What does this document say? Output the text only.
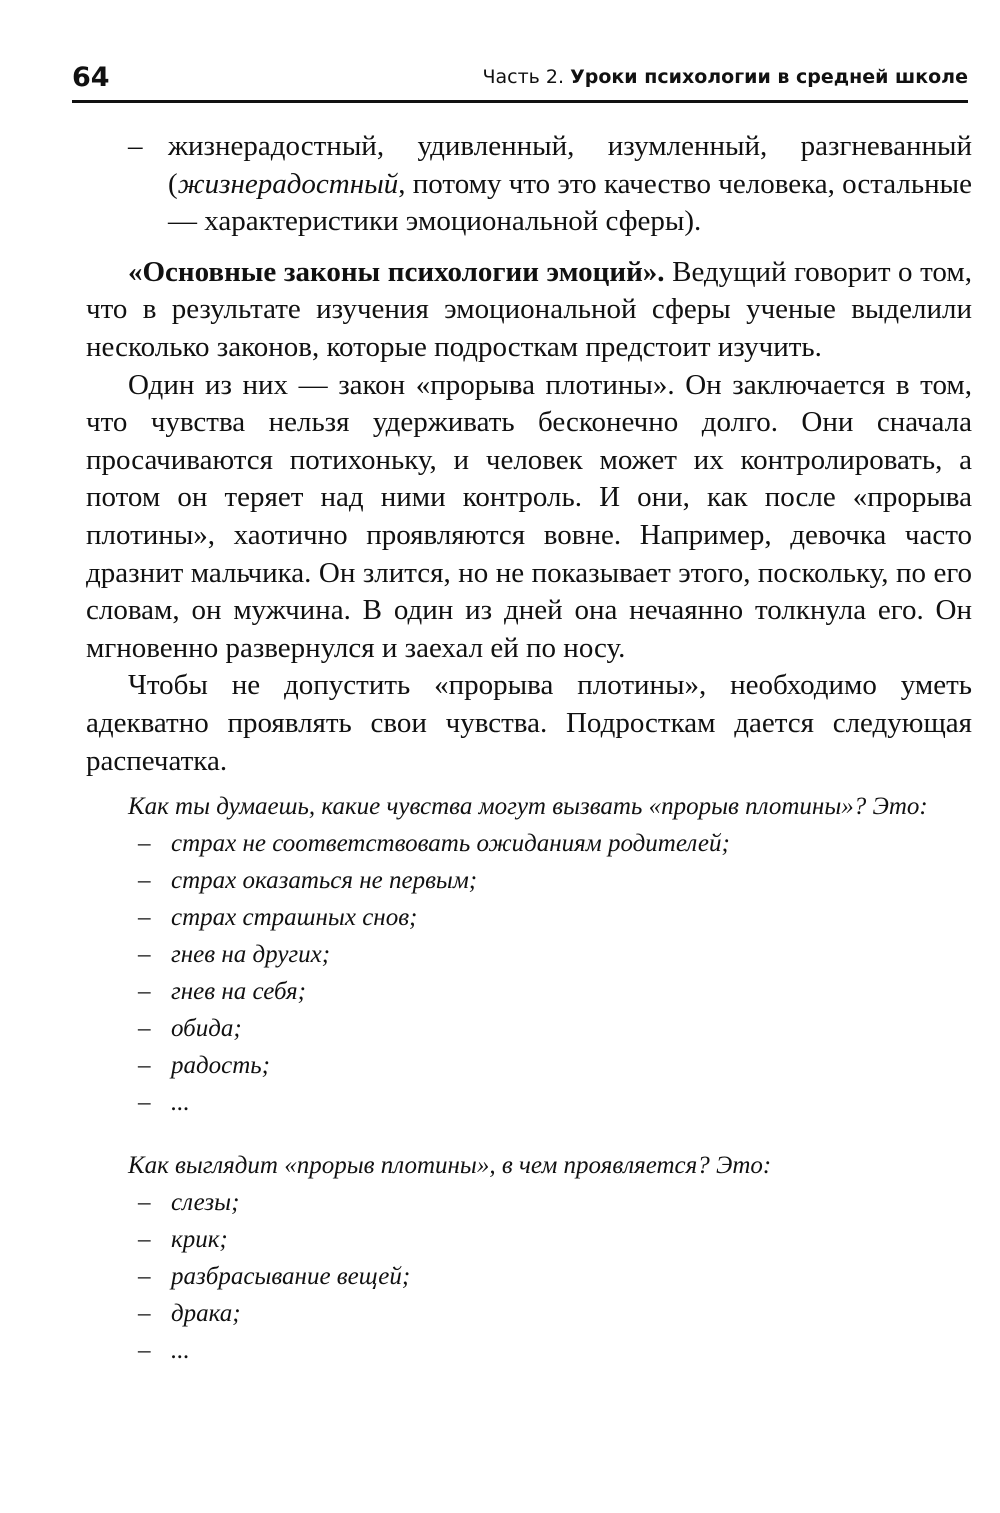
64	Часть 2. Уроки психологии в средней школе

– жизнерадостный, удивленный, изумленный, разгневанный (жизнерадостный, потому что это качество человека, остальные — характеристики эмоциональной сферы).

«Основные законы психологии эмоций». Ведущий говорит о том, что в результате изучения эмоциональной сферы ученые выделили несколько законов, которые подросткам предстоит изучить.

Один из них — закон «прорыва плотины». Он заключается в том, что чувства нельзя удерживать бесконечно долго. Они сначала просачиваются потихоньку, и человек может их контролировать, а потом он теряет над ними контроль. И они, как после «прорыва плотины», хаотично проявляются вовне. Например, девочка часто дразнит мальчика. Он злится, но не показывает этого, поскольку, по его словам, он мужчина. В один из дней она нечаянно толкнула его. Он мгновенно развернулся и заехал ей по носу.

Чтобы не допустить «прорыва плотины», необходимо уметь адекватно проявлять свои чувства. Подросткам дается следующая распечатка.

Как ты думаешь, какие чувства могут вызвать «прорыв плотины»? Это:

– страх не соответствовать ожиданиям родителей;
– страх оказаться не первым;
– страх страшных снов;
– гнев на других;
– гнев на себя;
– обида;
– радость;
– ...

Как выглядит «прорыв плотины», в чем проявляется? Это:

– слезы;
– крик;
– разбрасывание вещей;
– драка;
– ...
